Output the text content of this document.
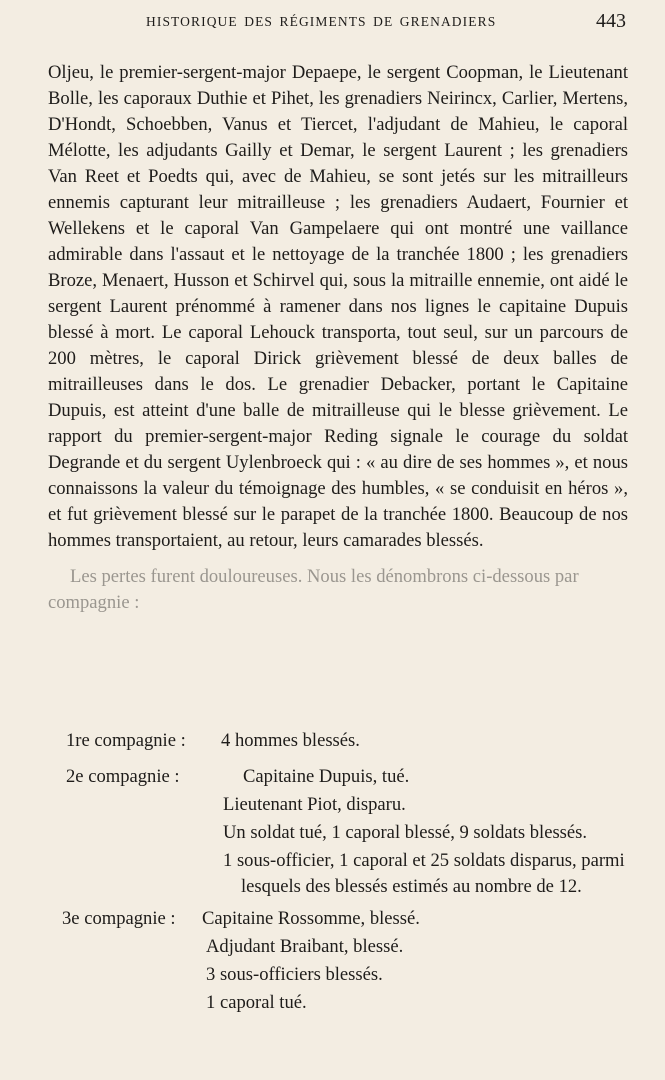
HISTORIQUE DES RÉGIMENTS DE GRENADIERS	443

Oljeu, le premier-sergent-major Depaepe, le sergent Coopman, le Lieutenant Bolle, les caporaux Duthie et Pihet, les grenadiers Neirincx, Carlier, Mertens, D'Hondt, Schoebben, Vanus et Tiercet, l'adjudant de Mahieu, le caporal Mélotte, les adjudants Gailly et Demar, le sergent Laurent ; les grenadiers Van Reet et Poedts qui, avec de Mahieu, se sont jetés sur les mitrailleurs ennemis capturant leur mitrailleuse ; les grenadiers Audaert, Fournier et Wellekens et le caporal Van Gampelaere qui ont montré une vaillance admirable dans l'assaut et le nettoyage de la tranchée 1800 ; les grenadiers Broze, Menaert, Husson et Schirvel qui, sous la mitraille ennemie, ont aidé le sergent Laurent prénommé à ramener dans nos lignes le capitaine Dupuis blessé à mort. Le caporal Lehouck transporta, tout seul, sur un parcours de 200 mètres, le caporal Dirick grièvement blessé de deux balles de mitrailleuses dans le dos. Le grenadier Debacker, portant le Capitaine Dupuis, est atteint d'une balle de mitrailleuse qui le blesse grièvement. Le rapport du premier-sergent-major Reding signale le courage du soldat Degrande et du sergent Uylenbroeck qui : « au dire de ses hommes », et nous connaissons la valeur du témoignage des humbles, « se conduisit en héros », et fut grièvement blessé sur le parapet de la tranchée 1800. Beaucoup de nos hommes transportaient, au retour, leurs camarades blessés.

Les pertes furent douloureuses. Nous les dénombrons ci-dessous par compagnie :

1re compagnie : 4 hommes blessés.
2e compagnie :	Capitaine Dupuis, tué.
Lieutenant Piot, disparu.
Un soldat tué, 1 caporal blessé, 9 soldats blessés.
1 sous-officier, 1 caporal et 25 soldats disparus, parmi lesquels des blessés estimés au nombre de 12.
3e compagnie : Capitaine Rossomme, blessé.
Adjudant Braibant, blessé.
3 sous-officiers blessés.
1 caporal tué.
